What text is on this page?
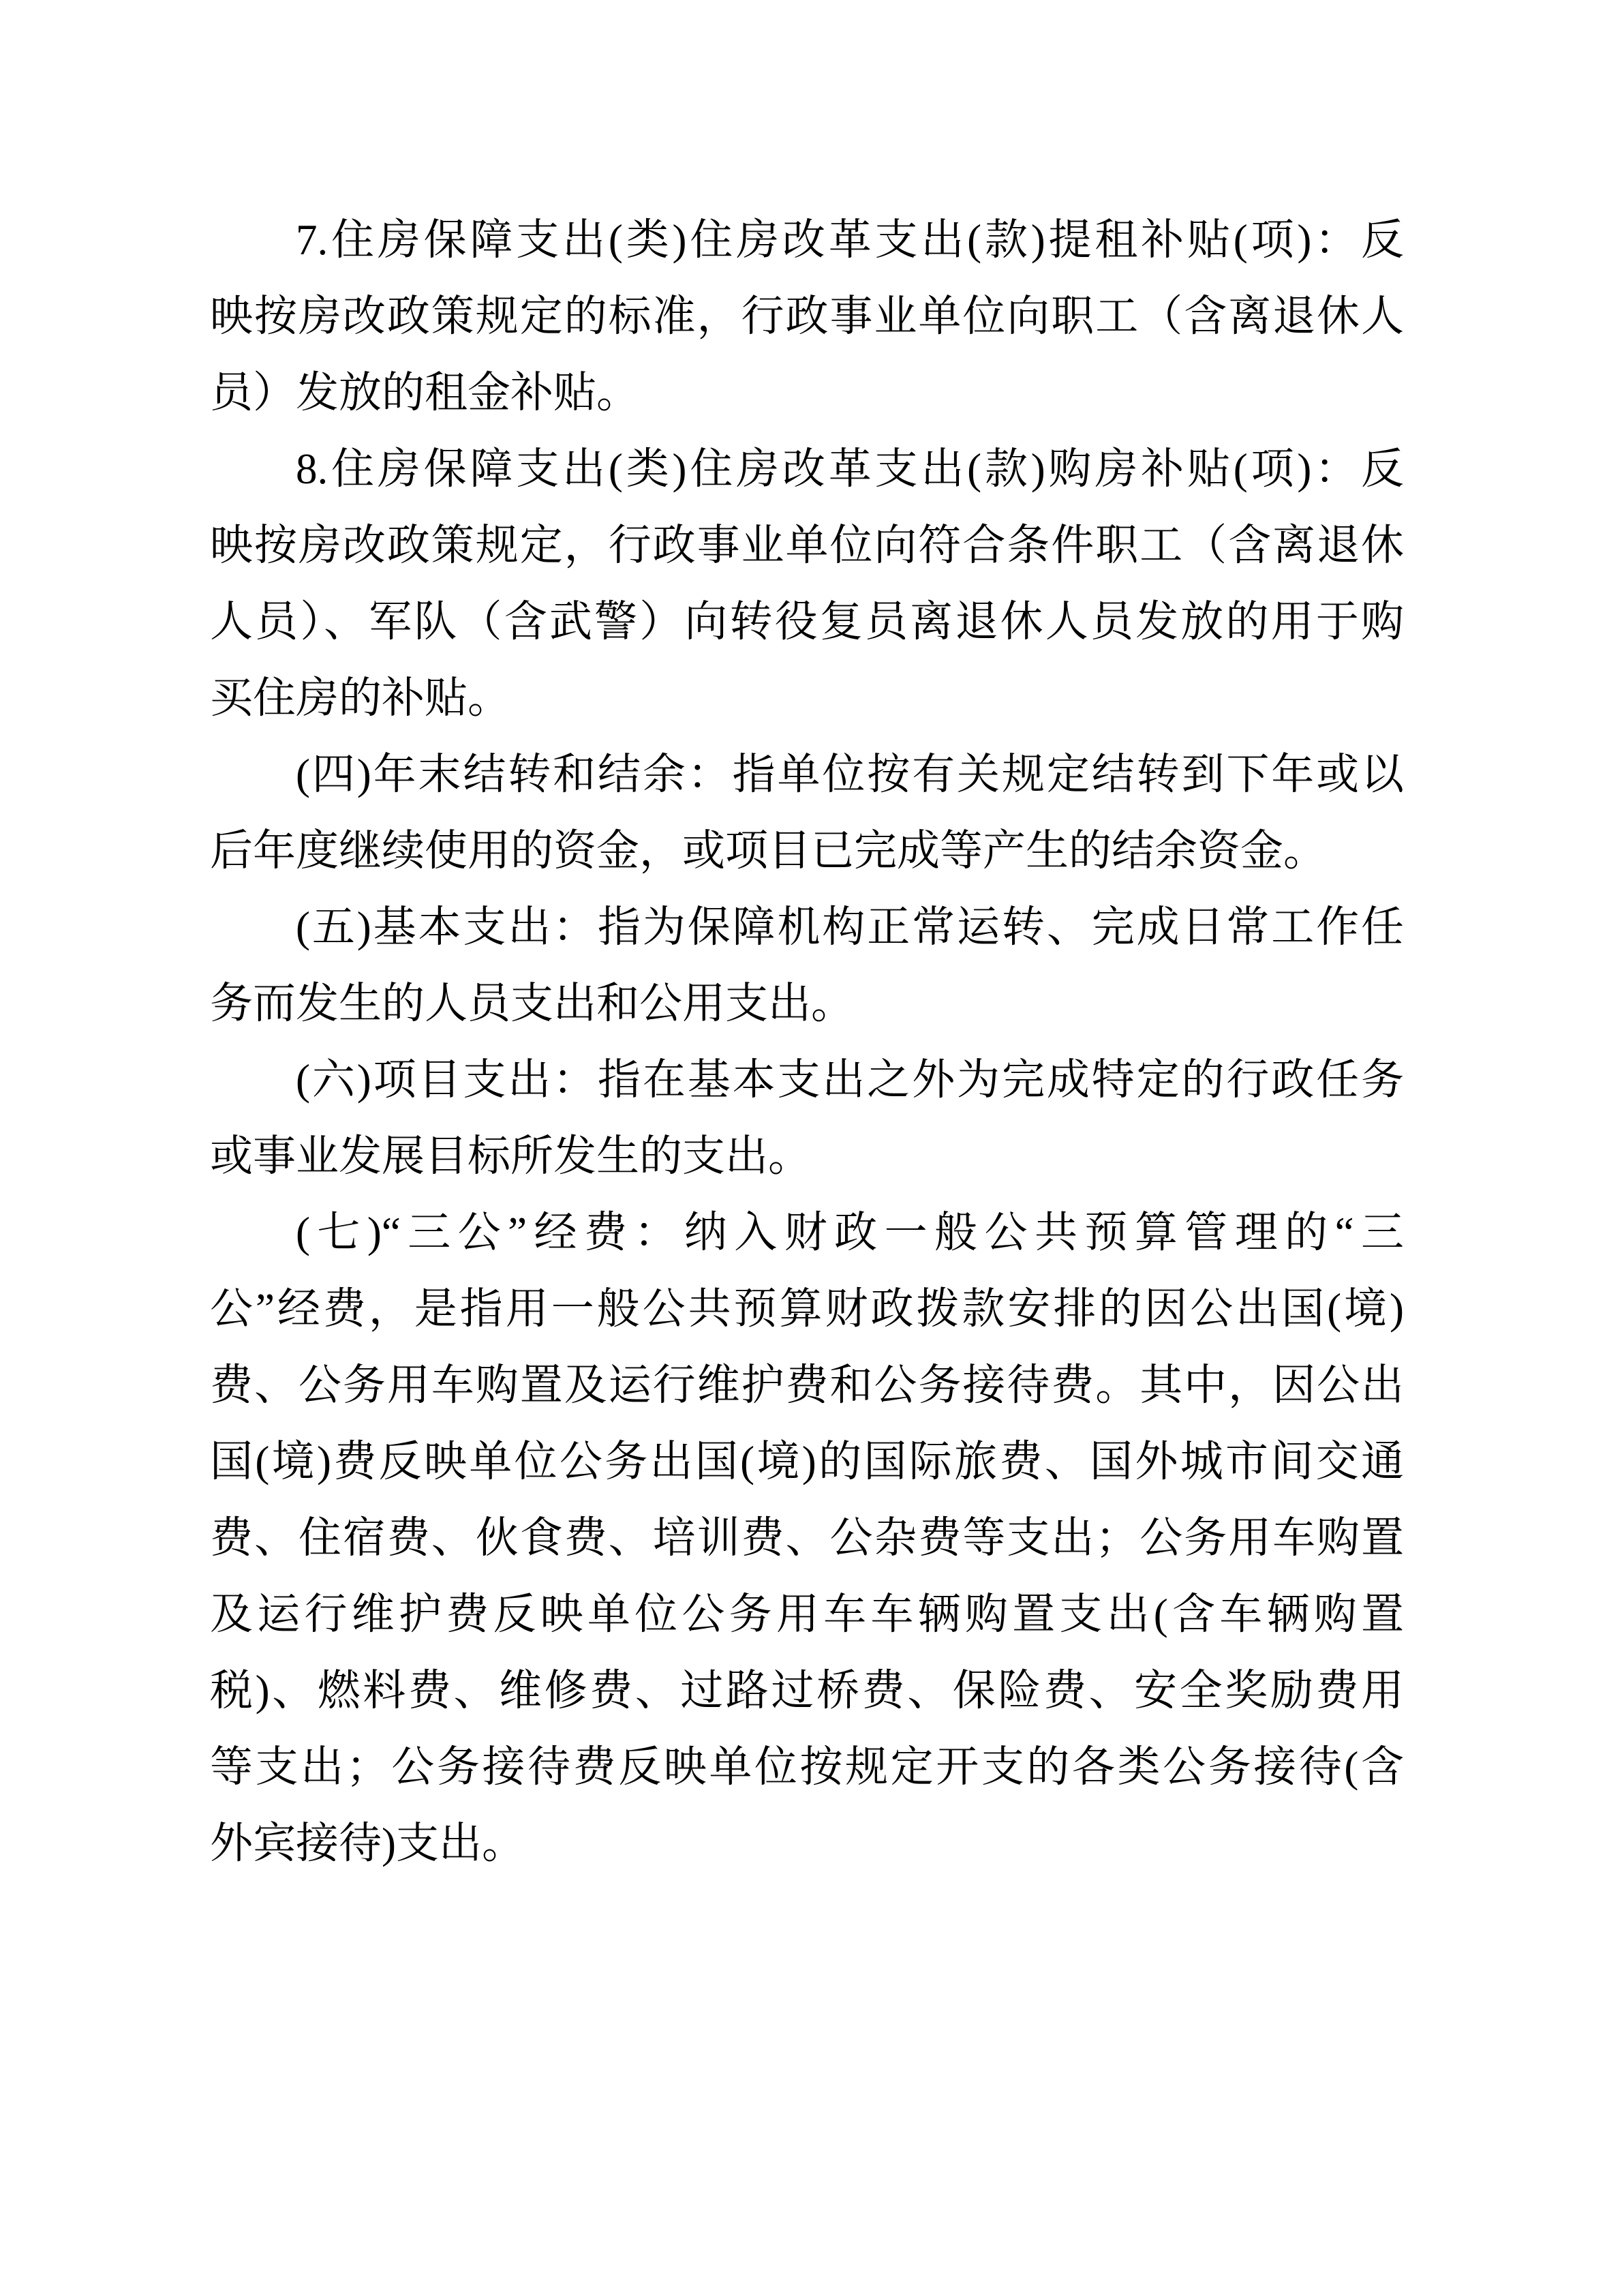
7.住房保障支出(类)住房改革支出(款)提租补贴(项)：反

映按房改政策规定的标准，行政事业单位向职工（含离退休人

员）发放的租金补贴。

8.住房保障支出(类)住房改革支出(款)购房补贴(项)：反

映按房改政策规定，行政事业单位向符合条件职工（含离退休

人员）、军队（含武警）向转役复员离退休人员发放的用于购

买住房的补贴。

(四)年末结转和结余：指单位按有关规定结转到下年或以

后年度继续使用的资金，或项目已完成等产生的结余资金。

(五)基本支出：指为保障机构正常运转、完成日常工作任

务而发生的人员支出和公用支出。

(六)项目支出：指在基本支出之外为完成特定的行政任务

或事业发展目标所发生的支出。

(七)“三公”经费：纳入财政一般公共预算管理的“三

公”经费，是指用一般公共预算财政拨款安排的因公出国(境)

费、公务用车购置及运行维护费和公务接待费。其中，因公出

国(境)费反映单位公务出国(境)的国际旅费、国外城市间交通

费、住宿费、伙食费、培训费、公杂费等支出；公务用车购置

及运行维护费反映单位公务用车车辆购置支出(含车辆购置

税)、燃料费、维修费、过路过桥费、保险费、安全奖励费用

等支出；公务接待费反映单位按规定开支的各类公务接待(含

外宾接待)支出。
